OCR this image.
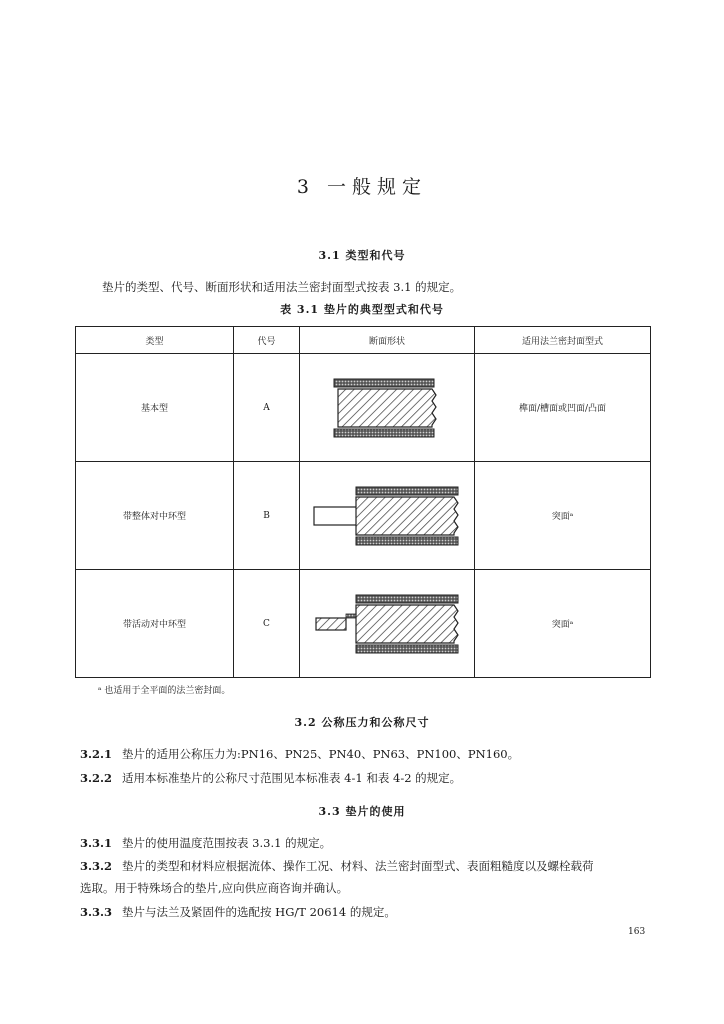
3 一般规定
3.1 类型和代号
垫片的类型、代号、断面形状和适用法兰密封面型式按表 3.1 的规定。
表 3.1 垫片的典型型式和代号
类型	代号	断面形状	适用法兰密封面型式
基本型	A		榫面/槽面或凹面/凸面
带整体对中环型	B		突面ᵃ
带活动对中环型	C		突面ᵃ
ᵃ 也适用于全平面的法兰密封面。
3.2 公称压力和公称尺寸
3.2.1 垫片的适用公称压力为:PN16、PN25、PN40、PN63、PN100、PN160。
3.2.2 适用本标准垫片的公称尺寸范围见本标准表 4-1 和表 4-2 的规定。
3.3 垫片的使用
3.3.1 垫片的使用温度范围按表 3.3.1 的规定。
3.3.2 垫片的类型和材料应根据流体、操作工况、材料、法兰密封面型式、表面粗糙度以及螺栓载荷
选取。用于特殊场合的垫片,应向供应商咨询并确认。
3.3.3 垫片与法兰及紧固件的选配按 HG/T 20614 的规定。
163
